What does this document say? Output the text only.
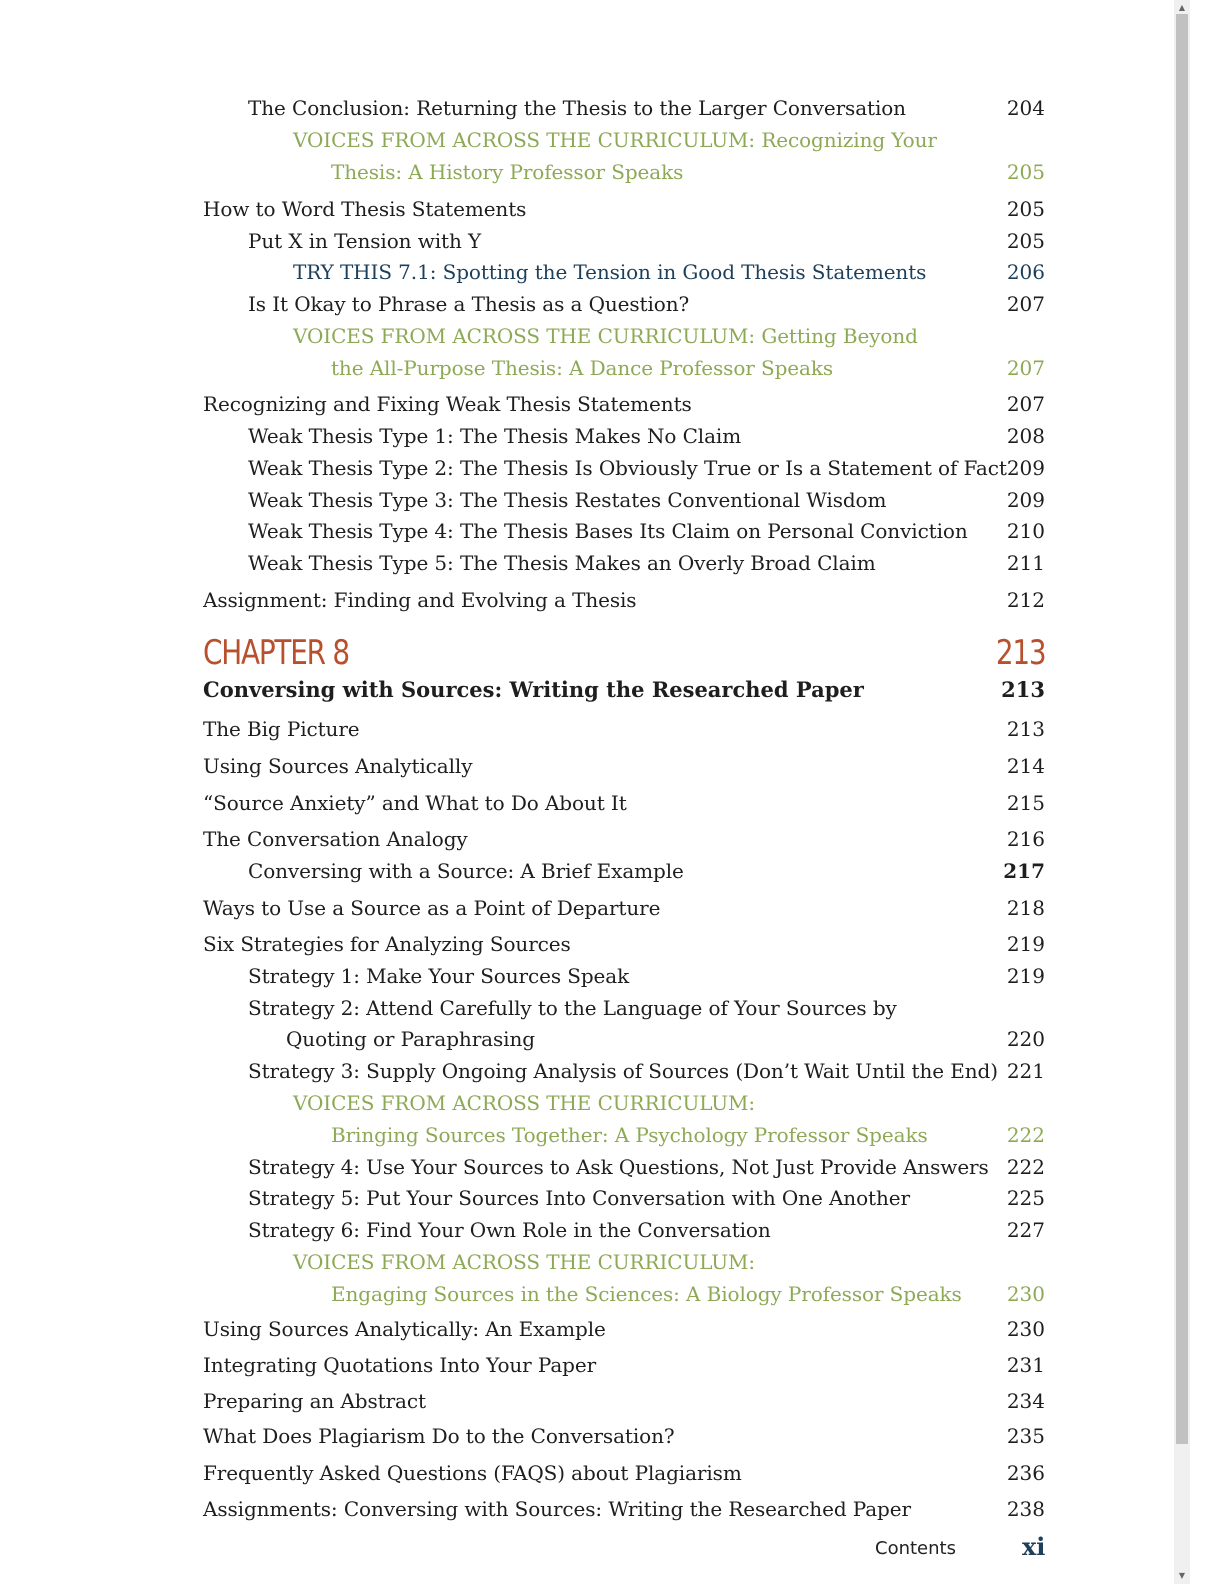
The Conclusion: Returning the Thesis to the Larger Conversation	204
VOICES FROM ACROSS THE CURRICULUM: Recognizing Your
Thesis: A History Professor Speaks	205
How to Word Thesis Statements	205
Put X in Tension with Y	205
TRY THIS 7.1: Spotting the Tension in Good Thesis Statements	206
Is It Okay to Phrase a Thesis as a Question?	207
VOICES FROM ACROSS THE CURRICULUM: Getting Beyond
the All-Purpose Thesis: A Dance Professor Speaks	207
Recognizing and Fixing Weak Thesis Statements	207
Weak Thesis Type 1: The Thesis Makes No Claim	208
Weak Thesis Type 2: The Thesis Is Obviously True or Is a Statement of Fact 209
Weak Thesis Type 3: The Thesis Restates Conventional Wisdom	209
Weak Thesis Type 4: The Thesis Bases Its Claim on Personal Conviction	210
Weak Thesis Type 5: The Thesis Makes an Overly Broad Claim	211
Assignment: Finding and Evolving a Thesis	212
CHAPTER 8	213
Conversing with Sources: Writing the Researched Paper	213
The Big Picture	213
Using Sources Analytically	214
“Source Anxiety” and What to Do About It	215
The Conversation Analogy	216
Conversing with a Source: A Brief Example	217
Ways to Use a Source as a Point of Departure	218
Six Strategies for Analyzing Sources	219
Strategy 1: Make Your Sources Speak	219
Strategy 2: Attend Carefully to the Language of Your Sources by
Quoting or Paraphrasing	220
Strategy 3: Supply Ongoing Analysis of Sources (Don’t Wait Until the End) 221
VOICES FROM ACROSS THE CURRICULUM:
Bringing Sources Together: A Psychology Professor Speaks	222
Strategy 4: Use Your Sources to Ask Questions, Not Just Provide Answers 222
Strategy 5: Put Your Sources Into Conversation with One Another	225
Strategy 6: Find Your Own Role in the Conversation	227
VOICES FROM ACROSS THE CURRICULUM:
Engaging Sources in the Sciences: A Biology Professor Speaks	230
Using Sources Analytically: An Example	230
Integrating Quotations Into Your Paper	231
Preparing an Abstract	234
What Does Plagiarism Do to the Conversation?	235
Frequently Asked Questions (FAQS) about Plagiarism	236
Assignments: Conversing with Sources: Writing the Researched Paper	238
Contents	xi
▲
▼
